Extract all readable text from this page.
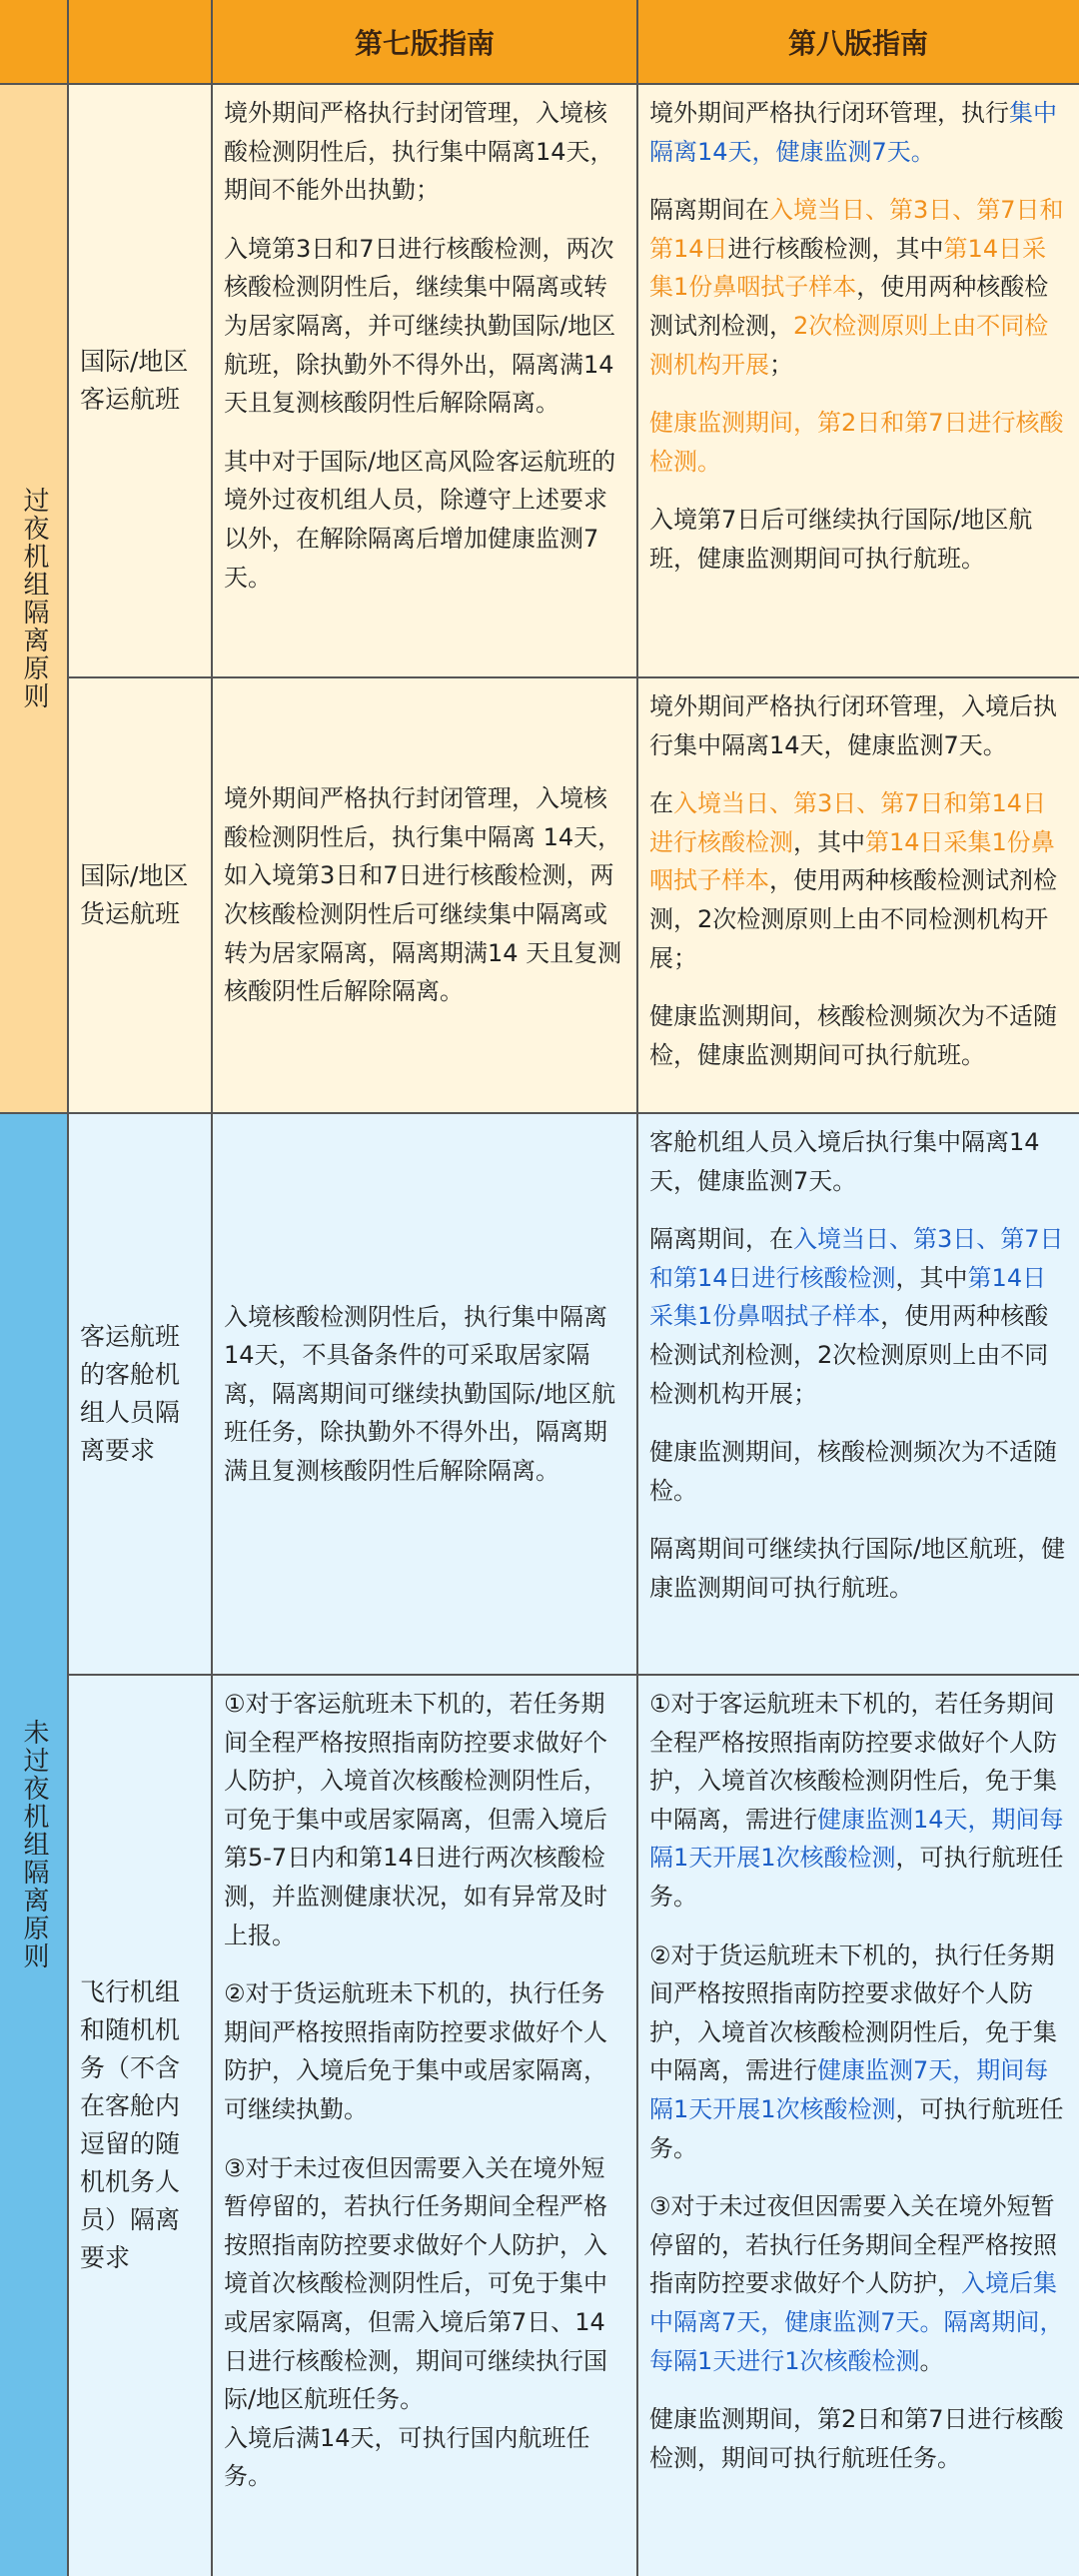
第七版指南	第八版指南
过夜机组隔离原则
国际/地区客运航班

境外期间严格执行封闭管理，入境核酸检测阴性后，执行集中隔离14天，期间不能外出执勤；

入境第3日和7日进行核酸检测，两次核酸检测阴性后，继续集中隔离或转为居家隔离，并可继续执勤国际/地区航班，除执勤外不得外出，隔离满14天且复测核酸阴性后解除隔离。

其中对于国际/地区高风险客运航班的境外过夜机组人员，除遵守上述要求以外，在解除隔离后增加健康监测7天。

境外期间严格执行闭环管理，执行集中隔离14天，健康监测7天。

隔离期间在入境当日、第3日、第7日和第14日进行核酸检测，其中第14日采集1份鼻咽拭子样本，使用两种核酸检测试剂检测，2次检测原则上由不同检测机构开展；

健康监测期间，第2日和第7日进行核酸检测。

入境第7日后可继续执行国际/地区航班，健康监测期间可执行航班。

国际/地区货运航班

境外期间严格执行封闭管理，入境核酸检测阴性后，执行集中隔离 14天，如入境第3日和7日进行核酸检测，两次核酸检测阴性后可继续集中隔离或转为居家隔离，隔离期满14 天且复测核酸阴性后解除隔离。

境外期间严格执行闭环管理，入境后执行集中隔离14天，健康监测7天。

在入境当日、第3日、第7日和第14日进行核酸检测，其中第14日采集1份鼻咽拭子样本，使用两种核酸检测试剂检测，2次检测原则上由不同检测机构开展；

健康监测期间，核酸检测频次为不适随检，健康监测期间可执行航班。

未过夜机组隔离原则
客运航班的客舱机组人员隔离要求

入境核酸检测阴性后，执行集中隔离14天，不具备条件的可采取居家隔离，隔离期间可继续执勤国际/地区航班任务，除执勤外不得外出，隔离期满且复测核酸阴性后解除隔离。

客舱机组人员入境后执行集中隔离14 天，健康监测7天。

隔离期间，在入境当日、第3日、第7日和第14日进行核酸检测，其中第14日采集1份鼻咽拭子样本，使用两种核酸检测试剂检测，2次检测原则上由不同检测机构开展；

健康监测期间，核酸检测频次为不适随检。

隔离期间可继续执行国际/地区航班，健康监测期间可执行航班。

飞行机组和随机机务（不含在客舱内逗留的随机机务人员）隔离要求

①对于客运航班未下机的，若任务期间全程严格按照指南防控要求做好个人防护，入境首次核酸检测阴性后，可免于集中或居家隔离，但需入境后第5-7日内和第14日进行两次核酸检测，并监测健康状况，如有异常及时上报。

②对于货运航班未下机的，执行任务期间严格按照指南防控要求做好个人防护，入境后免于集中或居家隔离，可继续执勤。

③对于未过夜但因需要入关在境外短暂停留的，若执行任务期间全程严格按照指南防控要求做好个人防护，入境首次核酸检测阴性后，可免于集中或居家隔离，但需入境后第7日、14日进行核酸检测，期间可继续执行国际/地区航班任务。

入境后满14天，可执行国内航班任务。

①对于客运航班未下机的，若任务期间全程严格按照指南防控要求做好个人防护，入境首次核酸检测阴性后，免于集中隔离，需进行健康监测14天，期间每隔1天开展1次核酸检测，可执行航班任务。

②对于货运航班未下机的，执行任务期间严格按照指南防控要求做好个人防护，入境首次核酸检测阴性后，免于集中隔离，需进行健康监测7天，期间每隔1天开展1次核酸检测，可执行航班任务。

③对于未过夜但因需要入关在境外短暂停留的，若执行任务期间全程严格按照指南防控要求做好个人防护，入境后集中隔离7天，健康监测7天。隔离期间，每隔1天进行1次核酸检测。

健康监测期间，第2日和第7日进行核酸检测，期间可执行航班任务。
